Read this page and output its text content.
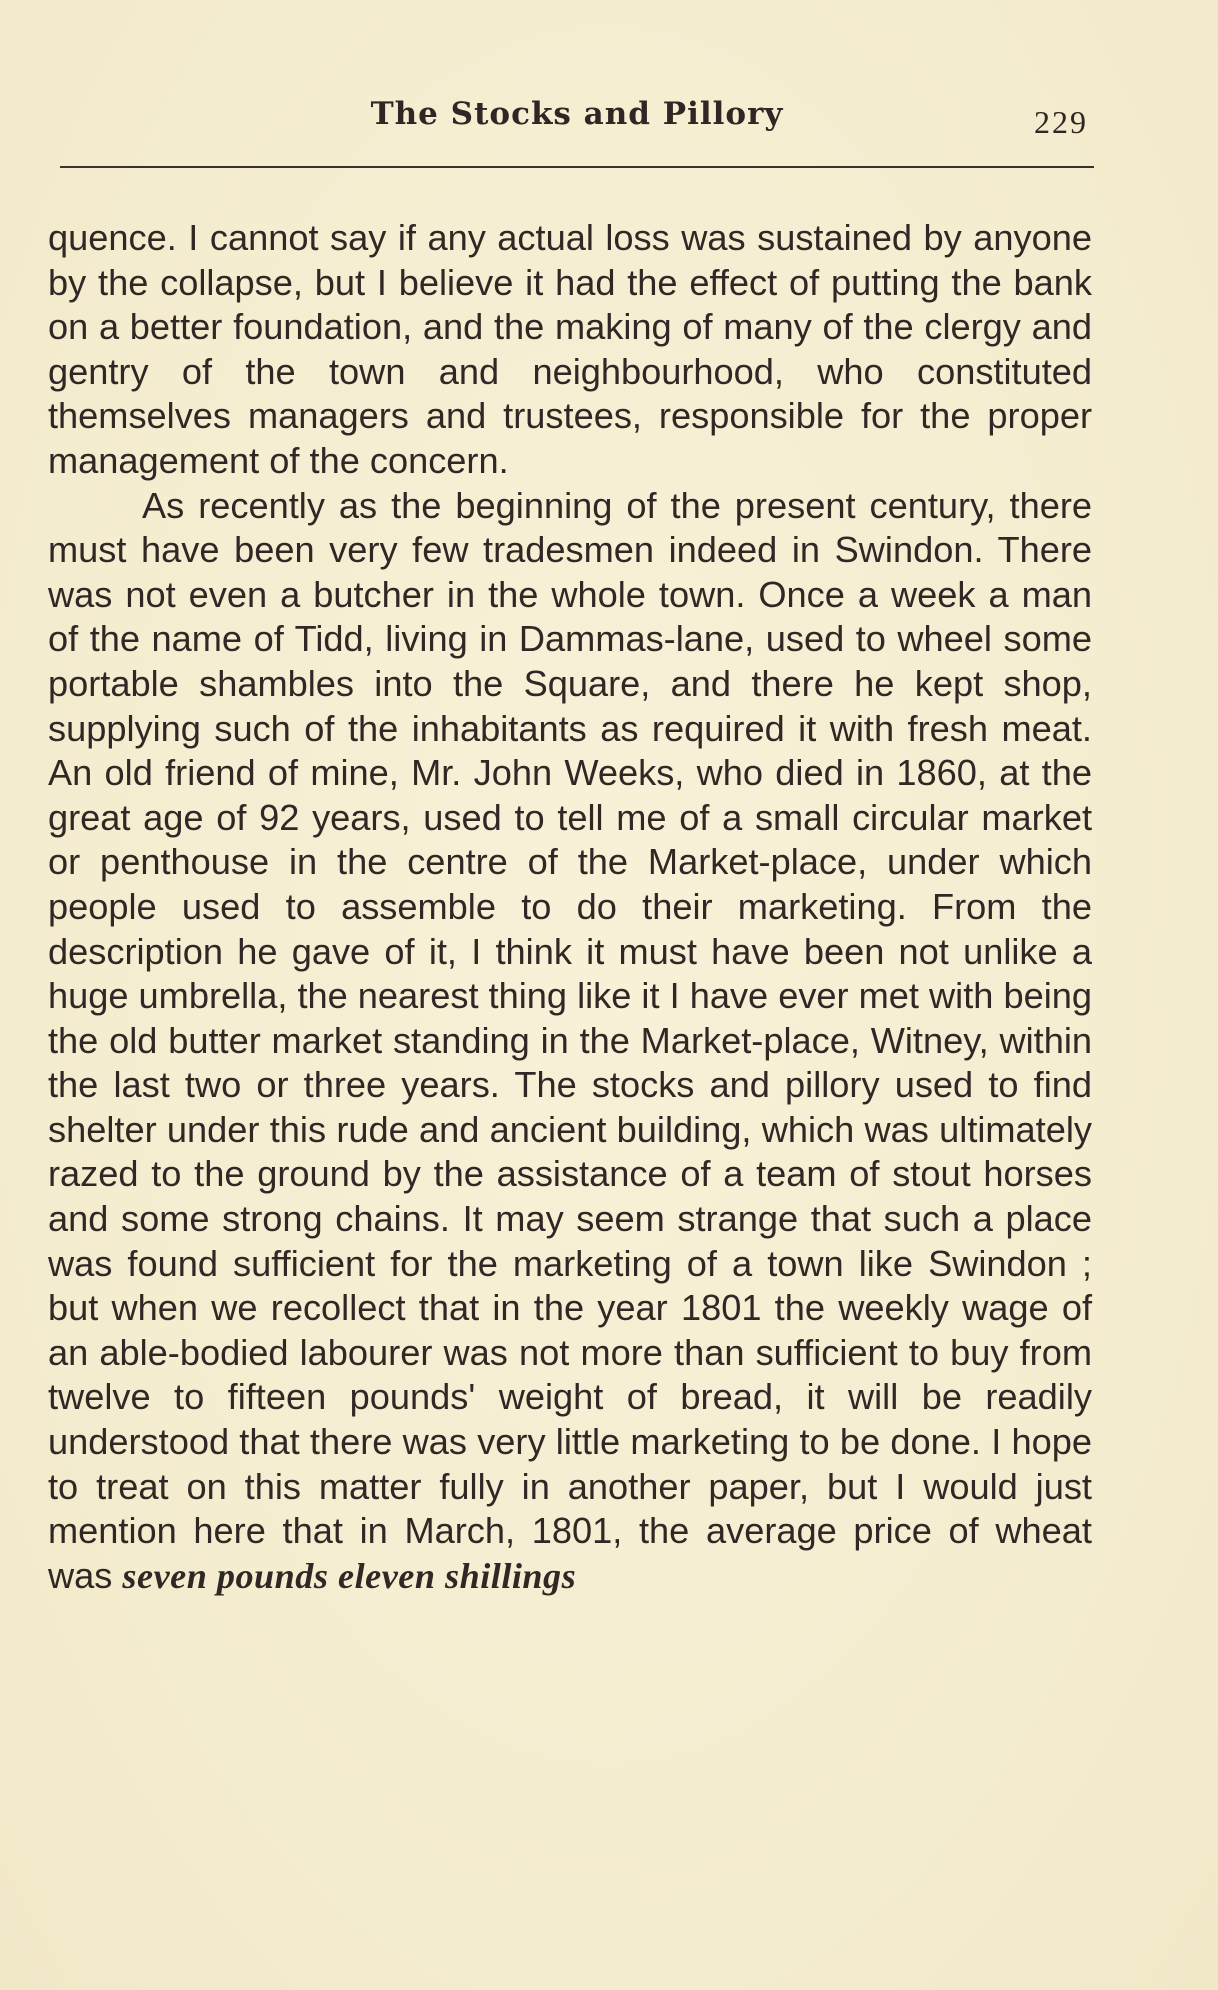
The Stocks and Pillory	229

quence. I cannot say if any actual loss was sustained by anyone by the collapse, but I believe it had the effect of putting the bank on a better foundation, and the making of many of the clergy and gentry of the town and neighbourhood, who constituted themselves managers and trustees, responsible for the proper management of the concern.

As recently as the beginning of the present century, there must have been very few tradesmen indeed in Swindon. There was not even a butcher in the whole town. Once a week a man of the name of Tidd, living in Dammas-lane, used to wheel some portable shambles into the Square, and there he kept shop, supplying such of the inhabitants as required it with fresh meat. An old friend of mine, Mr. John Weeks, who died in 1860, at the great age of 92 years, used to tell me of a small circular market or penthouse in the centre of the Market-place, under which people used to assemble to do their marketing. From the description he gave of it, I think it must have been not unlike a huge umbrella, the nearest thing like it I have ever met with being the old butter market standing in the Market-place, Witney, within the last two or three years. The stocks and pillory used to find shelter under this rude and ancient building, which was ultimately razed to the ground by the assistance of a team of stout horses and some strong chains. It may seem strange that such a place was found sufficient for the marketing of a town like Swindon ; but when we recollect that in the year 1801 the weekly wage of an able-bodied labourer was not more than sufficient to buy from twelve to fifteen pounds' weight of bread, it will be readily understood that there was very little marketing to be done. I hope to treat on this matter fully in another paper, but I would just mention here that in March, 1801, the average price of wheat was seven pounds eleven shillings
